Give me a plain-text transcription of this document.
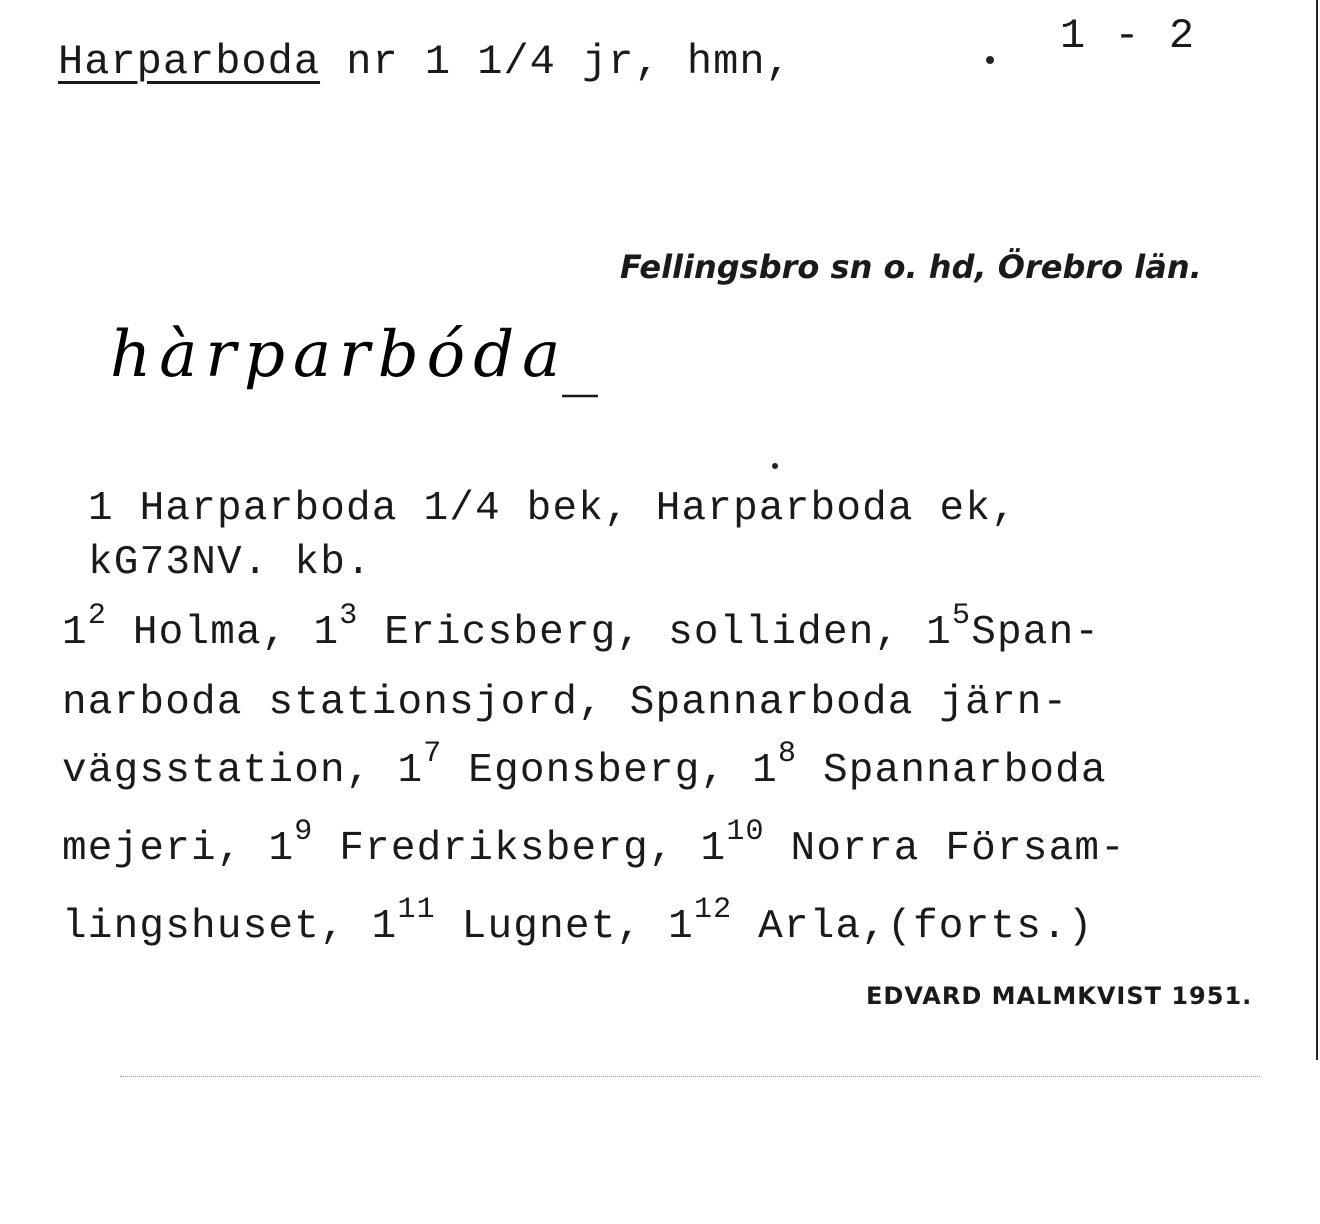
Harparboda nr 1 1/4 jr, hmn,
1 - 2
Fellingsbro sn o. hd, Örebro län.
hàrparbóda
1 Harparboda 1/4 bek, Harparboda ek,
kG73NV. kb.
$1^2$ Holma, $1^3$ Ericsberg, solliden, $1^5Span-$
narboda stationsjord, Spannarboda järn-
vägsstation, $1^7$ Egonsberg, $1^8$ Spannarboda
mejeri, $1^9$ Fredriksberg, $1^{10}$ Norra Försam-
lingshuset, $1^{11}$ Lugnet, $1^{12}$ Arla,(forts.)
EDVARD MALMKVIST 1951.
